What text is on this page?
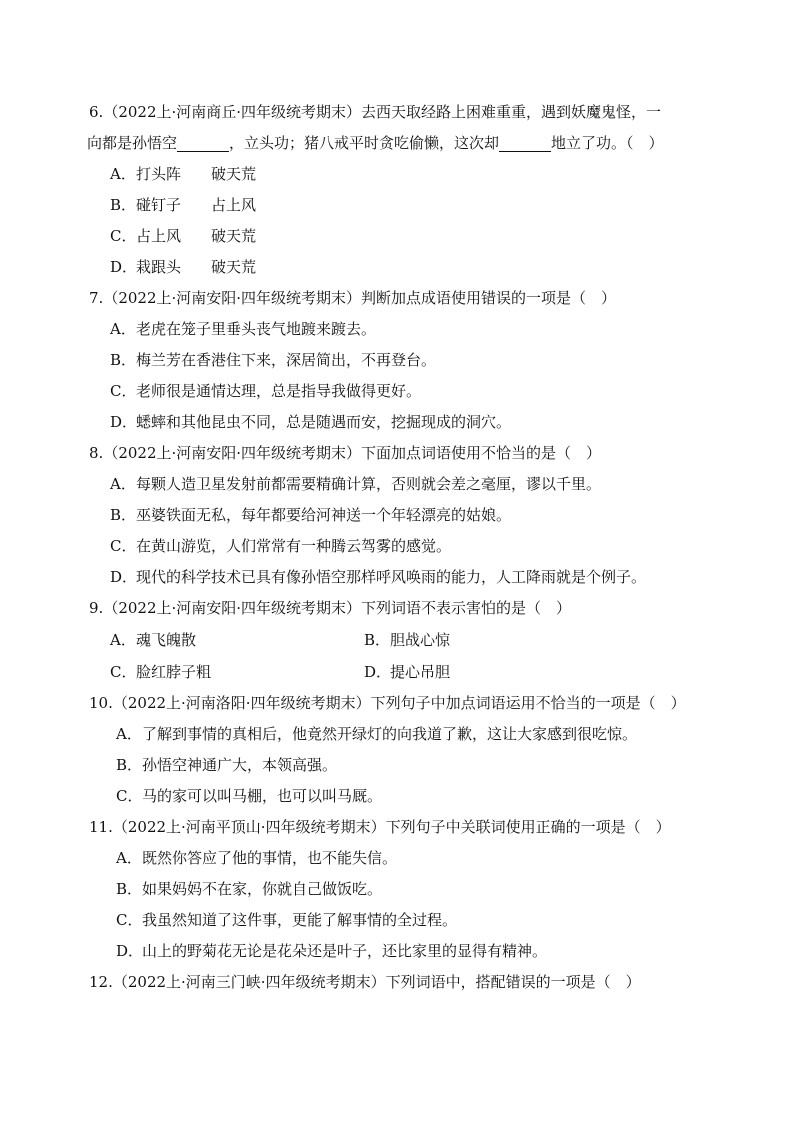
6.（2022上·河南商丘·四年级统考期末）去西天取经路上困难重重，遇到妖魔鬼怪，一
向都是孙悟空	，立头功；猪八戒平时贪吃偷懒，这次却	地立了功。（　）
A．打头阵 破天荒
B．碰钉子 占上风
C．占上风 破天荒
D．栽跟头 破天荒
7.（2022上·河南安阳·四年级统考期末）判断加点成语使用错误的一项是（　）
A．老虎在笼子里垂头丧气地踱来踱去。
B．梅兰芳在香港住下来，深居简出，不再登台。
C．老师很是通情达理，总是指导我做得更好。
D．蟋蟀和其他昆虫不同，总是随遇而安，挖掘现成的洞穴。
8.（2022上·河南安阳·四年级统考期末）下面加点词语使用不恰当的是（　）
A．每颗人造卫星发射前都需要精确计算，否则就会差之毫厘，谬以千里。
B．巫婆铁面无私，每年都要给河神送一个年轻漂亮的姑娘。
C．在黄山游览，人们常常有一种腾云驾雾的感觉。
D．现代的科学技术已具有像孙悟空那样呼风唤雨的能力，人工降雨就是个例子。
9.（2022上·河南安阳·四年级统考期末）下列词语不表示害怕的是（　）
A．魂飞魄散	B．胆战心惊
C．脸红脖子粗	D．提心吊胆
10.（2022上·河南洛阳·四年级统考期末）下列句子中加点词语运用不恰当的一项是（　）
A．了解到事情的真相后，他竟然开绿灯的向我道了歉，这让大家感到很吃惊。
B．孙悟空神通广大，本领高强。
C．马的家可以叫马棚，也可以叫马厩。
11.（2022上·河南平顶山·四年级统考期末）下列句子中关联词使用正确的一项是（　）
A．既然你答应了他的事情，也不能失信。
B．如果妈妈不在家，你就自己做饭吃。
C．我虽然知道了这件事，更能了解事情的全过程。
D．山上的野菊花无论是花朵还是叶子，还比家里的显得有精神。
12.（2022上·河南三门峡·四年级统考期末）下列词语中，搭配错误的一项是（　）
